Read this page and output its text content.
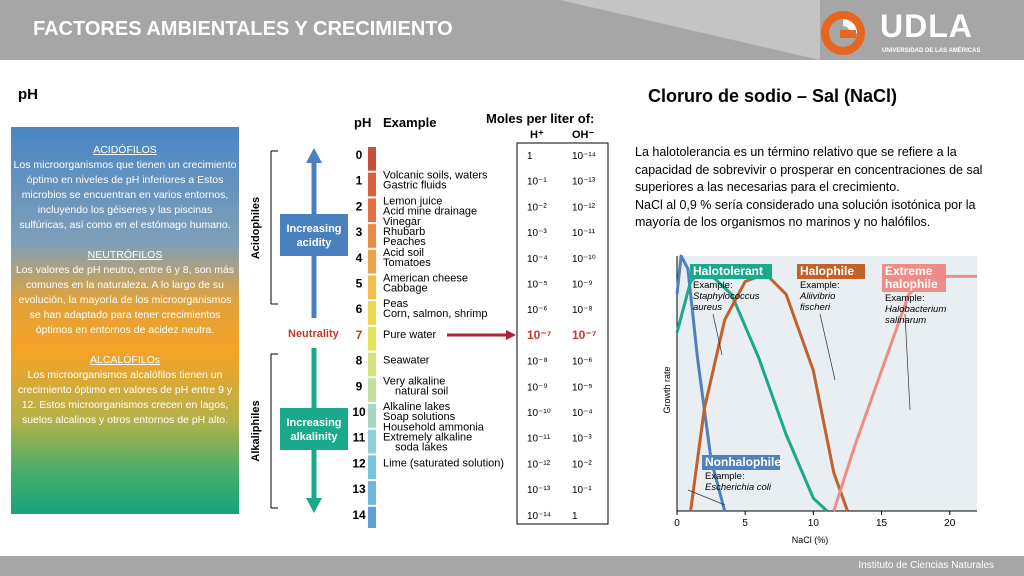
FACTORES AMBIENTALES Y CRECIMIENTO	UDLA
UNIVERSIDAD DE LAS AMÉRICAS
pH	Cloruro de sodio – Sal (NaCl)

ACIDÓFILOS
Los microorganismos que tienen un crecimiento óptimo en niveles de pH inferiores a Estos microbios se encuentran en varios entornos, incluyendo los géiseres y las piscinas sulfúricas, así como en el estómago humano.

NEUTRÓFILOS
Los valores de pH neutro, entre 6 y 8, son más comunes en la naturaleza. A lo largo de su evolución, la mayoría de los microorganismos se han adaptado para tener crecimientos óptimos en entornos de acidez neutra.

ALCALÓFILOs
Los microorganismos alcalófilos tienen un crecimiento óptimo en valores de pH entre 9 y 12. Estos microorganismos crecen en lagos, suelos alcalinos y otros entornos de pH alto.

pH Example	Moles per liter of:
H⁺	OH⁻
Acidophiles
Alkaliphiles
Increasing
acidity
Increasing
alkalinity
Neutrality
0	1	10⁻¹⁴
1 Volcanic soils, waters
Gastric fluids	10⁻¹	10⁻¹³
2 Lemon juice
Acid mine drainage	10⁻²	10⁻¹²
3
Vinegar
Rhubarb
Peaches
10⁻³	10⁻¹¹
4 Acid soil
Tomatoes	10⁻⁴ 10⁻¹⁰
5 American cheese
Cabbage	10⁻⁵ 10⁻⁹
6 Peas
Corn, salmon, shrimp	10⁻⁶ 10⁻⁸
7 Pure water	10⁻⁷ 10⁻⁷
8 Seawater	10⁻⁸ 10⁻⁶
9 Very alkaline
natural soil	10⁻⁹ 10⁻⁵
10 Alkaline lakes
Soap solutions	10⁻¹⁰ 10⁻⁴
11
Household ammonia
Extremely alkaline
soda lakes
10⁻¹¹ 10⁻³
12 Lime (saturated solution) 10⁻¹² 10⁻²
13	10⁻¹³ 10⁻¹
14	10⁻¹⁴ 1
La halotolerancia es un término relativo que se refiere a la capacidad de sobrevivir o prosperar en concentraciones de sal superiores a las necesarias para el crecimiento.
NaCl al 0,9 % sería considerado una solución isotónica por la mayoría de los organismos no marinos y no halófilos.
Growth rate
NaCl (%)
0	5	10	15	20
Halotolerant
Example:
Staphylococcus
aureus
Halophile
Example:
Aliivibrio
fischeri
Extreme
halophile
Example:
Halobacterium
salinarum
Nonhalophile
Example:
Escherichia coli
Instituto de Ciencias Naturales
